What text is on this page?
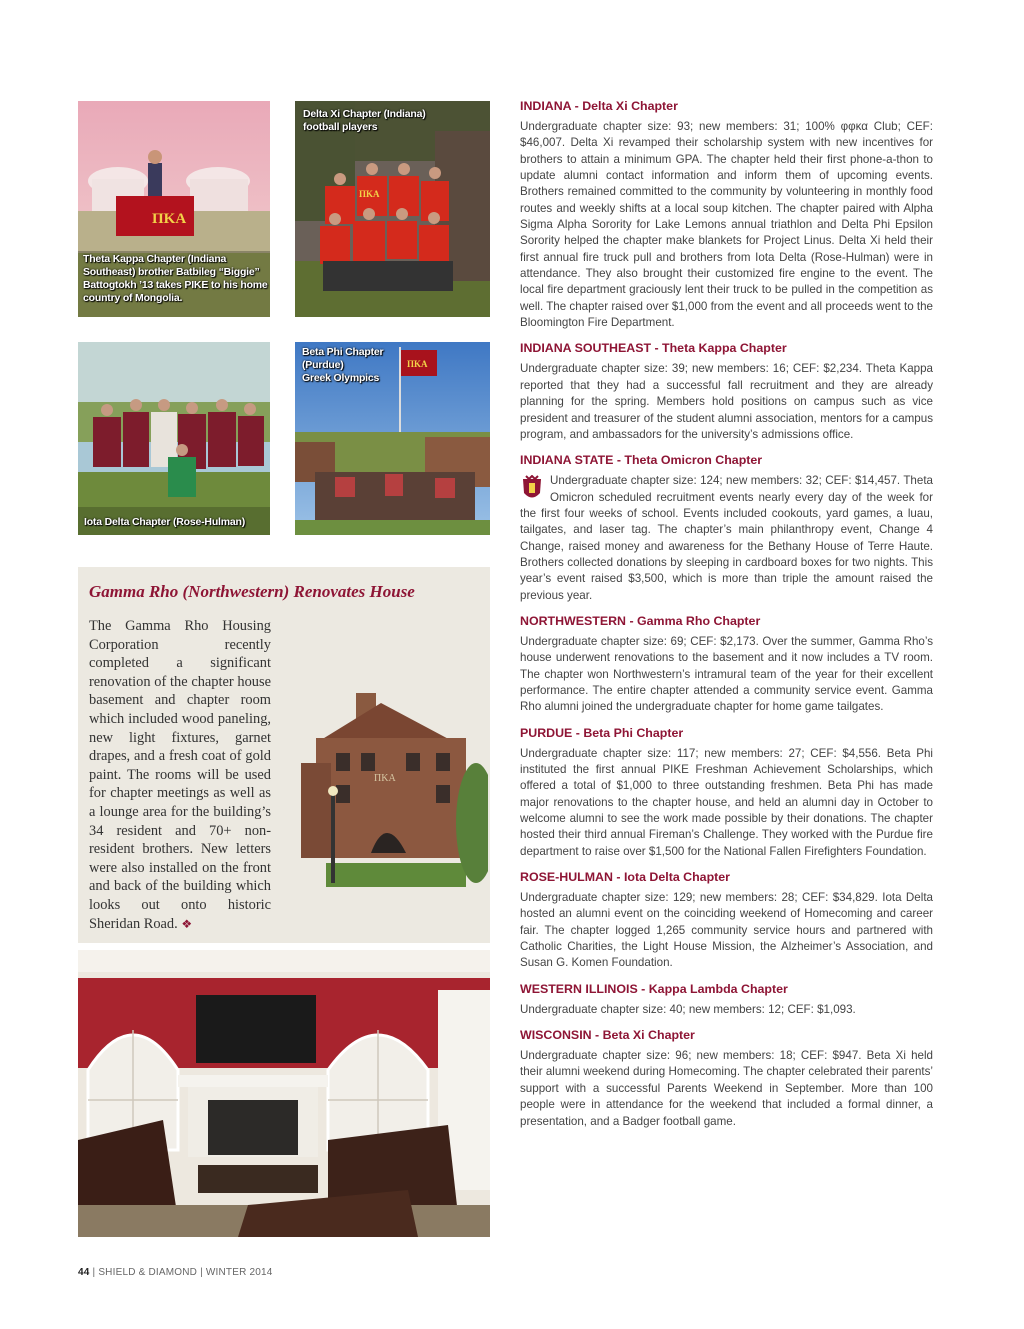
ΠΚΑ
Theta Kappa Chapter (Indiana
Southeast) brother Batbileg “Biggie”
Battogtokh ’13 takes PIKE to his home
country of Mongolia.
ΠΚΑ
Delta Xi Chapter (Indiana)
football players
Iota Delta Chapter (Rose-Hulman)
ΠΚΑ
Beta Phi Chapter
(Purdue)
Greek Olympics
Gamma Rho (Northwestern) Renovates House
The Gamma Rho Housing Corporation recently completed a significant renovation of the chapter house basement and chapter room which included wood paneling, new light fixtures, garnet drapes, and a fresh coat of gold paint. The rooms will be used for chapter meetings as well as a lounge area for the building’s 34 resident and 70+ non-resident brothers. New letters were also installed on the front and back of the building which looks out onto historic Sheridan Road. ❖
ΠΚΑ
INDIANA - Delta Xi Chapter

Undergraduate chapter size: 93; new members: 31; 100% φφκα Club; CEF: $46,007. Delta Xi revamped their scholarship system with new incentives for brothers to attain a minimum GPA. The chapter held their first phone-a-thon to update alumni contact information and inform them of upcoming events. Brothers remained committed to the community by volunteering in monthly food routes and weekly shifts at a local soup kitchen. The chapter paired with Alpha Sigma Alpha Sorority for Lake Lemons annual triathlon and Delta Phi Epsilon Sorority helped the chapter make blankets for Project Linus. Delta Xi held their first annual fire truck pull and brothers from Iota Delta (Rose-Hulman) were in attendance. They also brought their customized fire engine to the event. The local fire department graciously lent their truck to be pulled in the competition as well. The chapter raised over $1,000 from the event and all proceeds went to the Bloomington Fire Department.

INDIANA SOUTHEAST - Theta Kappa Chapter

Undergraduate chapter size: 39; new members: 16; CEF: $2,234. Theta Kappa reported that they had a successful fall recruitment and they are already planning for the spring. Members hold positions on campus such as vice president and treasurer of the student alumni association, mentors for a campus program, and ambassadors for the university’s admissions office.

INDIANA STATE - Theta Omicron Chapter

Undergraduate chapter size: 124; new members: 32; CEF: $14,457. Theta Omicron scheduled recruitment events nearly every day of the week for the first four weeks of school. Events included cookouts, yard games, a luau, tailgates, and laser tag. The chapter’s main philanthropy event, Change 4 Change, raised money and awareness for the Bethany House of Terre Haute. Brothers collected donations by sleeping in cardboard boxes for two nights. This year’s event raised $3,500, which is more than triple the amount raised the previous year.

NORTHWESTERN - Gamma Rho Chapter

Undergraduate chapter size: 69; CEF: $2,173. Over the summer, Gamma Rho’s house underwent renovations to the basement and it now includes a TV room. The chapter won Northwestern’s intramural team of the year for their excellent performance. The entire chapter attended a community service event. Gamma Rho alumni joined the undergraduate chapter for home game tailgates.

PURDUE - Beta Phi Chapter

Undergraduate chapter size: 117; new members: 27; CEF: $4,556. Beta Phi instituted the first annual PIKE Freshman Achievement Scholarships, which offered a total of $1,000 to three outstanding freshmen. Beta Phi has made major renovations to the chapter house, and held an alumni day in October to welcome alumni to see the work made possible by their donations. The chapter hosted their third annual Fireman’s Challenge. They worked with the Purdue fire department to raise over $1,500 for the National Fallen Firefighters Foundation.

ROSE-HULMAN - Iota Delta Chapter

Undergraduate chapter size: 129; new members: 28; CEF: $34,829. Iota Delta hosted an alumni event on the coinciding weekend of Homecoming and career fair. The chapter logged 1,265 community service hours and partnered with Catholic Charities, the Light House Mission, the Alzheimer’s Association, and Susan G. Komen Foundation.

WESTERN ILLINOIS - Kappa Lambda Chapter

Undergraduate chapter size: 40; new members: 12; CEF: $1,093.

WISCONSIN - Beta Xi Chapter

Undergraduate chapter size: 96; new members: 18; CEF: $947. Beta Xi held their alumni weekend during Homecoming. The chapter celebrated their parents’ support with a successful Parents Weekend in September. More than 100 people were in attendance for the weekend that included a formal dinner, a presentation, and a Badger football game.

44 | SHIELD & DIAMOND | WINTER 2014
